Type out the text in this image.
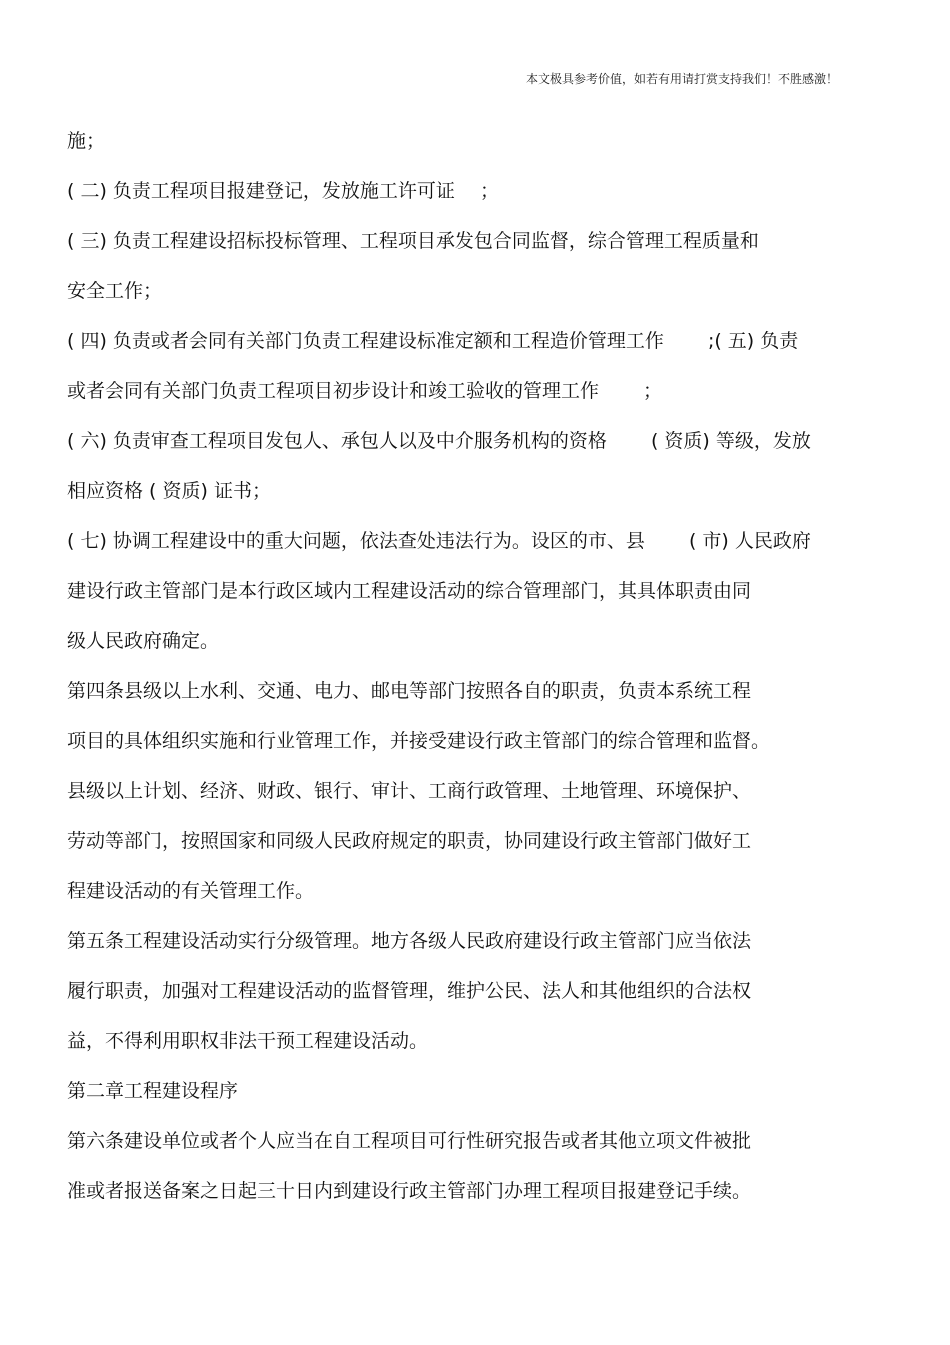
本文极具参考价值，如若有用请打赏支持我们！不胜感激！
施；
( 二) 负责工程项目报建登记，发放施工许可证　 ；
( 三) 负责工程建设招标投标管理、工程项目承发包合同监督，综合管理工程质量和
安全工作；
( 四) 负责或者会同有关部门负责工程建设标准定额和工程造价管理工作　　 ;( 五) 负责
或者会同有关部门负责工程项目初步设计和竣工验收的管理工作　　 ；
( 六) 负责审查工程项目发包人、承包人以及中介服务机构的资格　　 ( 资质) 等级，发放
相应资格 ( 资质) 证书；
( 七) 协调工程建设中的重大问题，依法查处违法行为。设区的市、县　　 ( 市) 人民政府
建设行政主管部门是本行政区域内工程建设活动的综合管理部门，其具体职责由同
级人民政府确定。
第四条县级以上水利、交通、电力、邮电等部门按照各自的职责，负责本系统工程
项目的具体组织实施和行业管理工作，并接受建设行政主管部门的综合管理和监督。
县级以上计划、经济、财政、银行、审计、工商行政管理、土地管理、环境保护、
劳动等部门，按照国家和同级人民政府规定的职责，协同建设行政主管部门做好工
程建设活动的有关管理工作。
第五条工程建设活动实行分级管理。地方各级人民政府建设行政主管部门应当依法
履行职责，加强对工程建设活动的监督管理，维护公民、法人和其他组织的合法权
益，不得利用职权非法干预工程建设活动。
第二章工程建设程序
第六条建设单位或者个人应当在自工程项目可行性研究报告或者其他立项文件被批
准或者报送备案之日起三十日内到建设行政主管部门办理工程项目报建登记手续。
